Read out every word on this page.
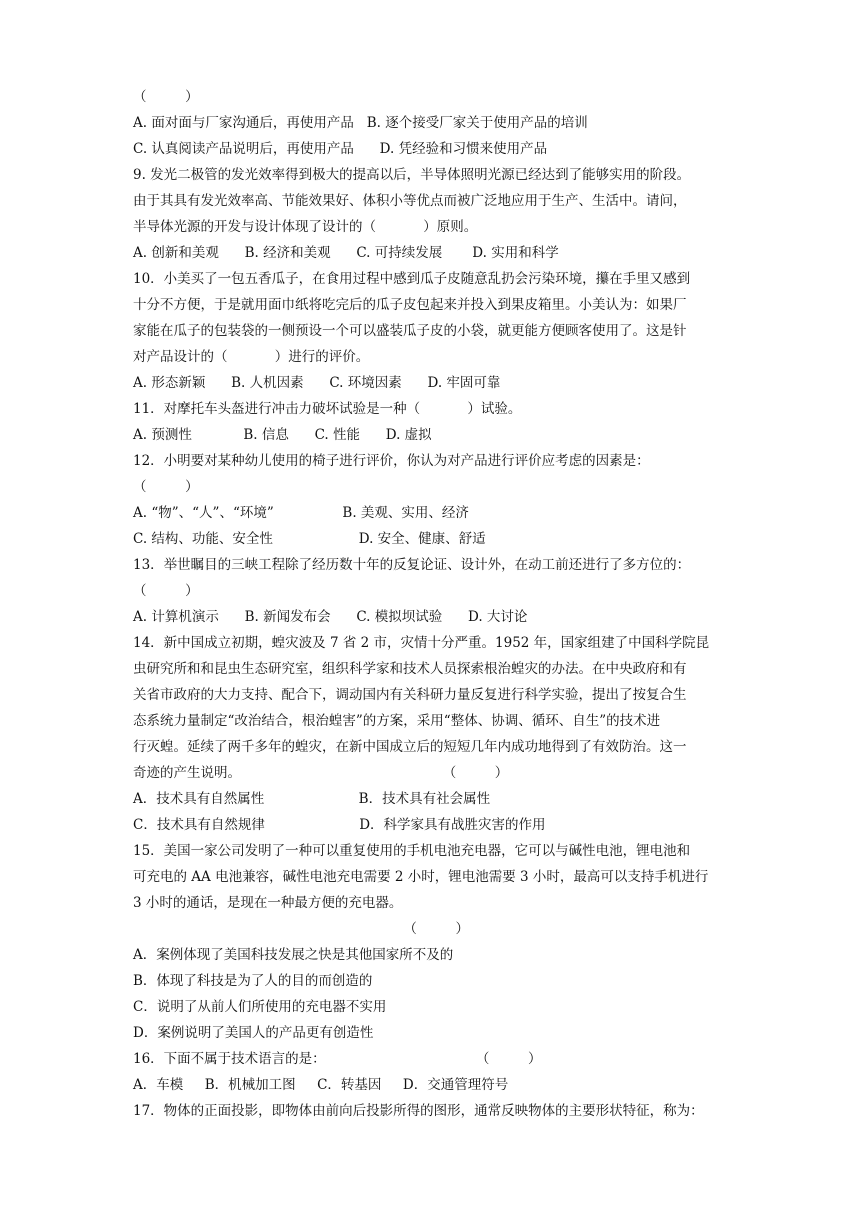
（         ）
A. 面对面与厂家沟通后，再使用产品   B. 逐个接受厂家关于使用产品的培训
C. 认真阅读产品说明后，再使用产品      D. 凭经验和习惯来使用产品
9. 发光二极管的发光效率得到极大的提高以后，半导体照明光源已经达到了能够实用的阶段。
由于其具有发光效率高、节能效果好、体积小等优点而被广泛地应用于生产、生活中。请问，
半导体光源的开发与设计体现了设计的（           ）原则。
A. 创新和美观      B. 经济和美观      C. 可持续发展       D. 实用和科学
10．小美买了一包五香瓜子，在食用过程中感到瓜子皮随意乱扔会污染环境，攥在手里又感到
十分不方便，于是就用面巾纸将吃完后的瓜子皮包起来并投入到果皮箱里。小美认为：如果厂
家能在瓜子的包装袋的一侧预设一个可以盛装瓜子皮的小袋，就更能方便顾客使用了。这是针
对产品设计的（           ）进行的评价。
A. 形态新颖      B. 人机因素      C. 环境因素      D. 牢固可靠
11．对摩托车头盔进行冲击力破坏试验是一种（           ）试验。
A. 预测性            B. 信息      C. 性能      D. 虚拟
12．小明要对某种幼儿使用的椅子进行评价，你认为对产品进行评价应考虑的因素是：
（         ）
A. “物”、“人”、“环境”                B. 美观、实用、经济
C. 结构、功能、安全性                    D. 安全、健康、舒适
13．举世瞩目的三峡工程除了经历数十年的反复论证、设计外，在动工前还进行了多方位的：
（         ）
A. 计算机演示      B. 新闻发布会      C. 模拟坝试验      D. 大讨论
14．新中国成立初期，蝗灾波及 7 省 2 市，灾情十分严重。1952 年，国家组建了中国科学院昆
虫研究所和和昆虫生态研究室，组织科学家和技术人员探索根治蝗灾的办法。在中央政府和有
关省市政府的大力支持、配合下，调动国内有关科研力量反复进行科学实验，提出了按复合生
态系统力量制定“改治结合，根治蝗害”的方案，采用“整体、协调、循环、自生”的技术进
行灭蝗。延续了两千多年的蝗灾，在新中国成立后的短短几年内成功地得到了有效防治。这一
奇迹的产生说明。                                               （         ）
A．技术具有自然属性                      B．技术具有社会属性
C．技术具有自然规律                      D．科学家具有战胜灾害的作用
15．美国一家公司发明了一种可以重复使用的手机电池充电器，它可以与碱性电池，锂电池和
可充电的 AA 电池兼容，碱性电池充电需要 2 小时，锂电池需要 3 小时，最高可以支持手机进行
3 小时的通话，是现在一种最方便的充电器。
（         ）
A．案例体现了美国科技发展之快是其他国家所不及的
B．体现了科技是为了人的目的而创造的
C．说明了从前人们所使用的充电器不实用
D．案例说明了美国人的产品更有创造性
16．下面不属于技术语言的是：                                   （         ）
A．车模     B．机械加工图     C．转基因     D．交通管理符号
17．物体的正面投影，即物体由前向后投影所得的图形，通常反映物体的主要形状特征，称为：
